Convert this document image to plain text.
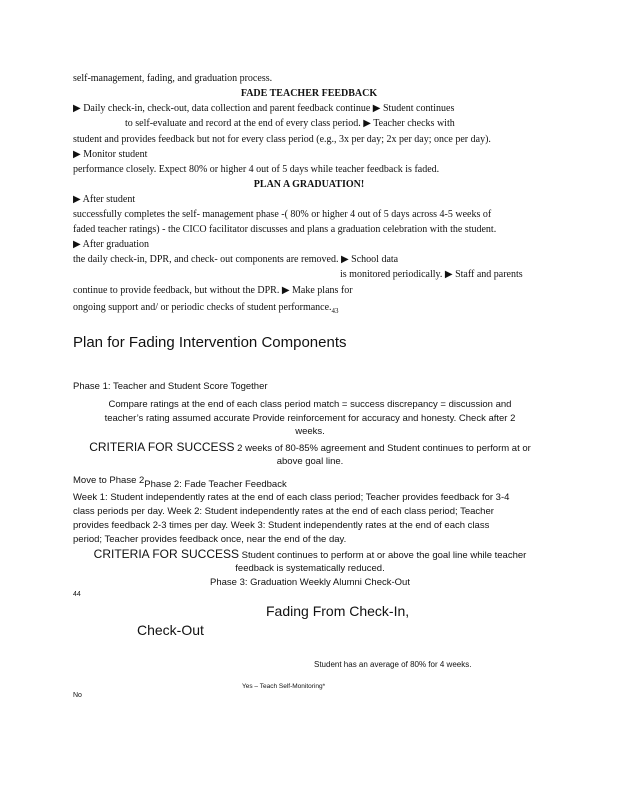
self-management, fading, and graduation process.
FADE TEACHER FEEDBACK
▶ Daily check-in, check-out, data collection and parent feedback continue ▶ Student continues
to self-evaluate and record at the end of every class period. ▶ Teacher checks with
student and provides feedback but not for every class period (e.g., 3x per day; 2x per day; once per day).
▶ Monitor student
performance closely. Expect 80% or higher 4 out of 5 days while teacher feedback is faded.
PLAN A GRADUATION!
▶ After student
successfully completes the self- management phase -( 80% or higher 4 out of 5 days across 4-5 weeks of
faded teacher ratings) - the CICO facilitator discusses and plans a graduation celebration with the student.
▶ After graduation
the daily check-in, DPR, and check- out components are removed. ▶ School data
is monitored periodically. ▶ Staff and parents
continue to provide feedback, but without the DPR. ▶ Make plans for
ongoing support and/ or periodic checks of student $performance._{43}$
Plan for Fading Intervention Components
Phase 1: Teacher and Student Score Together
Compare ratings at the end of each class period match = success discrepancy = discussion and
teacher’s rating assumed accurate Provide reinforcement for accuracy and honesty. Check after 2
weeks.
CRITERIA FOR SUCCESS 2 weeks of 80-85% agreement and Student continues to perform at or
above goal line.
Move to Phase 2Phase 2: Fade Teacher Feedback
Week 1: Student independently rates at the end of each class period; Teacher provides feedback for 3-4
class periods per day. Week 2: Student independently rates at the end of each class period; Teacher
provides feedback 2-3 times per day. Week 3: Student independently rates at the end of each class
period; Teacher provides feedback once, near the end of the day.
CRITERIA FOR SUCCESS Student continues to perform at or above the goal line while teacher
feedback is systematically reduced.
Phase 3: Graduation Weekly Alumni Check-Out
44
Fading From Check-In,
Check-Out
Student has an average of 80% for 4 weeks.
Yes – Teach Self-Monitoring*
No
